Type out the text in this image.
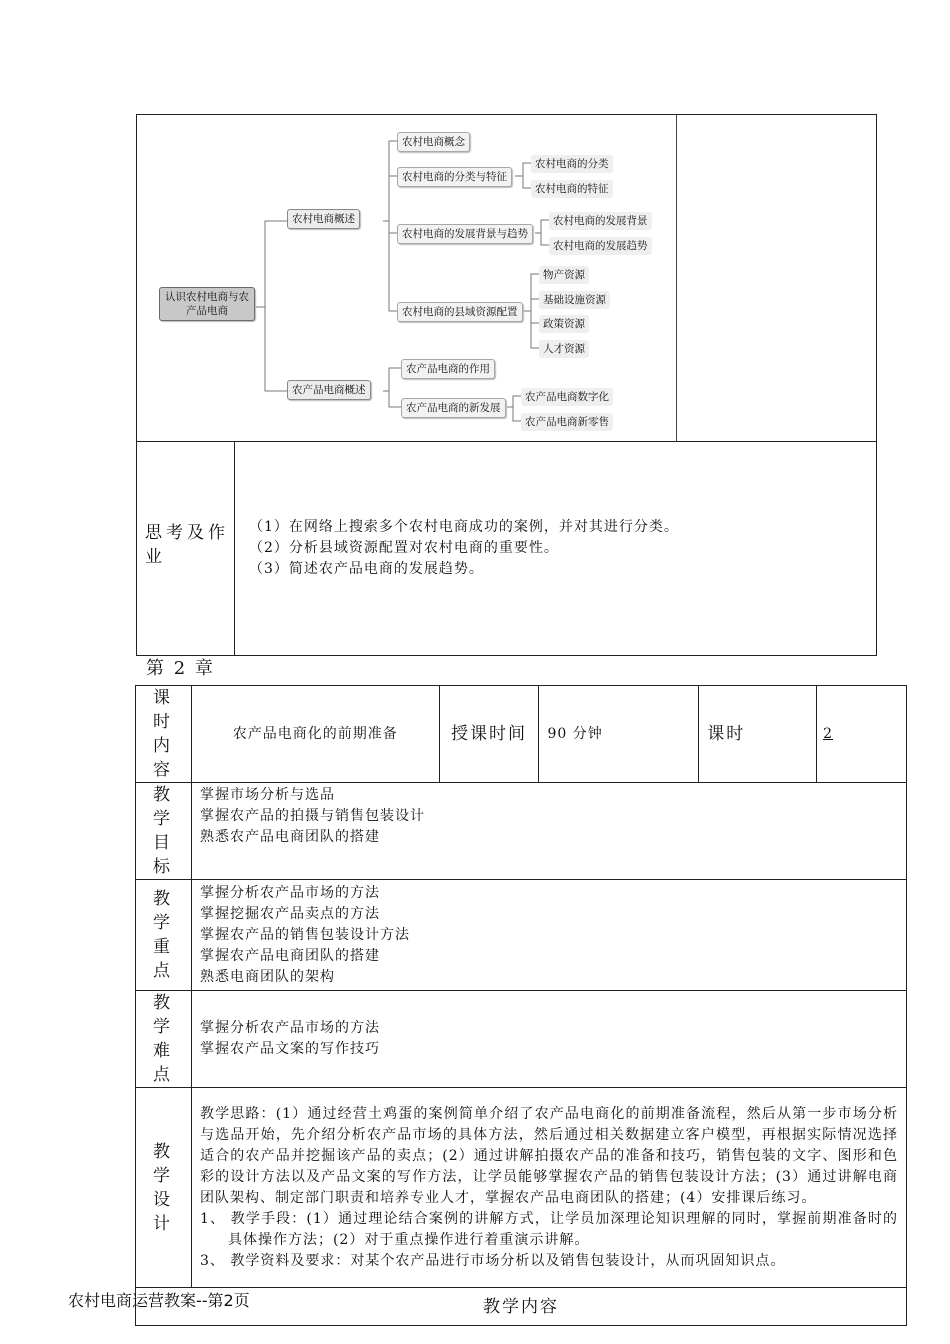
认识农村电商与农产品电商
农村电商概述
农村电商概念
农村电商的分类与特征
农村电商的分类
农村电商的特征
农村电商的发展背景与趋势
农村电商的发展背景
农村电商的发展趋势
农村电商的县域资源配置
物产资源
基础设施资源
政策资源
人才资源
农产品电商概述
农产品电商的作用
农产品电商的新发展
农产品电商数字化
农产品电商新零售
思考及作业
（1）在网络上搜索多个农村电商成功的案例，并对其进行分类。
（2）分析县域资源配置对农村电商的重要性。
（3）简述农产品电商的发展趋势。
第 2 章
课时内容	农产品电商化的前期准备	授课时间	90 分钟	课时	2

教学目标	掌握市场分析与选品
掌握农产品的拍摄与销售包装设计
熟悉农产品电商团队的搭建				

教学重点	掌握分析农产品市场的方法
掌握挖掘农产品卖点的方法
掌握农产品的销售包装设计方法
掌握农产品电商团队的搭建
熟悉电商团队的架构				

教学难点	掌握分析农产品市场的方法
掌握农产品文案的写作技巧				

教学设计	教学思路：(1）通过经营土鸡蛋的案例简单介绍了农产品电商化的前期准备流程，然后从第一步市场分析与选品开始，先介绍分析农产品市场的具体方法，然后通过相关数据建立客户模型，再根据实际情况选择适合的农产品并挖掘该产品的卖点；(2）通过讲解拍摄农产品的准备和技巧，销售包装的文字、图形和色彩的设计方法以及产品文案的写作方法，让学员能够掌握农产品的销售包装设计方法；(3）通过讲解电商团队架构、制定部门职责和培养专业人才，掌握农产品电商团队的搭建；(4）安排课后练习。
1、 教学手段：(1）通过理论结合案例的讲解方式，让学员加深理论知识理解的同时，掌握前期准备时的具体操作方法；(2）对于重点操作进行着重演示讲解。
3、 教学资料及要求：对某个农产品进行市场分析以及销售包装设计，从而巩固知识点。				

教学内容					
农村电商运营教案--第2页
